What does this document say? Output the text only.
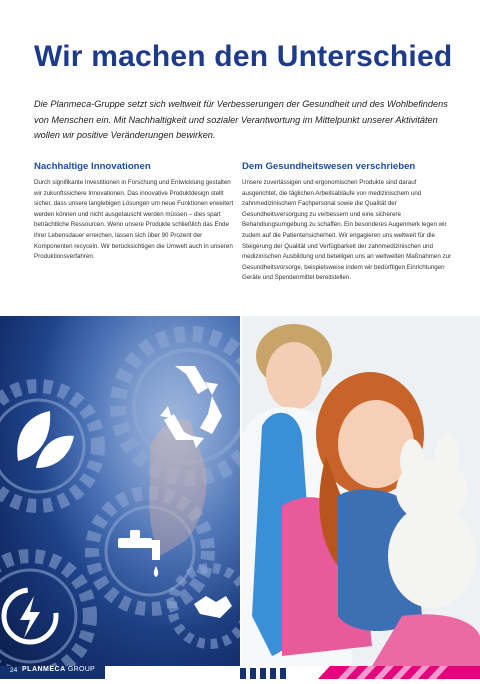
Wir machen den Unterschied

Die Planmeca-Gruppe setzt sich weltweit für Verbesserungen der Gesundheit und des Wohlbefindens von Menschen ein. Mit Nachhaltigkeit und sozialer Verantwortung im Mittelpunkt unserer Aktivitäten wollen wir positive Veränderungen bewirken.

Nachhaltige Innovationen

Durch signifikante Investitionen in Forschung und Entwicklung gestalten wir zukunftssichere Innovationen. Das innovative Produktdesign stellt sicher, dass unsere langlebigen Lösungen um neue Funktionen erweitert werden können und nicht ausgetauscht werden müssen – dies spart beträchtliche Ressourcen. Wenn unsere Produkte schließlich das Ende ihrer Lebensdauer erreichen, lassen sich über 90 Prozent der Komponenten recyceln. Wir berücksichtigen die Umwelt auch in unseren Produktionsverfahren.

Dem Gesundheitswesen verschrieben

Unsere zuverlässigen und ergonomischen Produkte sind darauf ausgerichtet, die täglichen Arbeitsabläufe von medizinischem und zahnmedizinischem Fachpersonal sowie die Qualität der Gesundheitsversorgung zu verbessern und eine sicherere Behandlungsumgebung zu schaffen. Ein besonderes Augenmerk legen wir zudem auf die Patientensicherheit. Wir engagieren uns weltweit für die Steigerung der Qualität und Verfügbarkeit der zahnmedizinischen und medizinischen Ausbildung und beteiligen uns an weltweiten Maßnahmen zur Gesundheitsvorsorge, beispielsweise indem wir bedürftigen Einrichtungen Geräte und Spendenmittel bereitstellen.

24 PLANMECA GROUP
